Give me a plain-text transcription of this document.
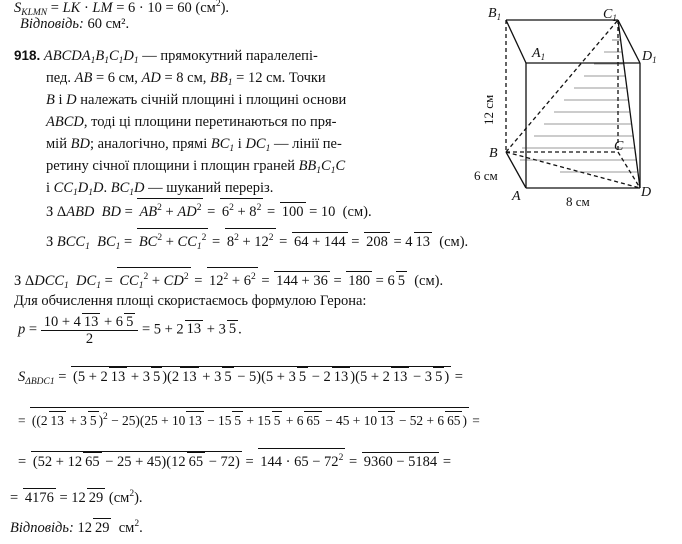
$S_{KLMN}$ = LK · LM = 6 · 10 = 60 $(см^2)$.
Відповідь: 60 см².
918. $ABCDA_1B_1C_1D_1$ — прямокутний паралелепі-
пед. AB = 6 см, AD = 8 см, $BB_1 = 12$ см. Точки
B і D належать січній площині і площині основи
ABCD, тоді ці площини перетинаються по пря-
мій BD; аналогічно, прямі $BC_1$ і $DC_1$ — лінії пе-
ретину січної площини і площин граней $BB_1C_1C$
і $CC_1D_1D$. $BC_1D$ — шуканий переріз.
З ΔABD BD = $AB^2 + AD^2 = 6^2 + 8^2 = 100 = 10$  (см).
З $BCC_1$ $BC_1 = BC^2 + CC_1^2 = 8^2 + 12^2 = 64 + 144 = 208 = 4$ 13  (см).
З $\Delta DCC_1$ $DC_1 = CC_1^2 + CD^2 = 12^2 + 6^2 = 144 + 36 = 180 = 6$ 5  (см).
Для обчислення площі скористаємось формулою Герона:
$p = \frac{10 + 4 13 + 6 5}{2} = 5 + 2$ 13 + 3 5 .
$S_{\Delta BDC1} = (5 + 2$ 13 + 3 5 )(2 13 + 3 5 − 5)(5 + 3 5 − 2 13 )(5 + 2 13 − 3 5 ) =
= ((2 13 + 3 5 )$^2$ − 25)(25 + 10 13 − 15 5 + 15 5 + 6 65 − 45 + 10 13 − 52 + 6 65 ) =
= (52 + 12 65 − 25 + 45)(12 $65 - 72) = 144 \cdot 65 - 72^2 = 9360 - 5184$ =
= 4176 = 12 29 $(см^2)$.
Відповідь: 12 29  $см^2$.
$B_1$	$C_1$
$A_1$	$D_1$
B	C
A	D
12 см
6 см
8 см
